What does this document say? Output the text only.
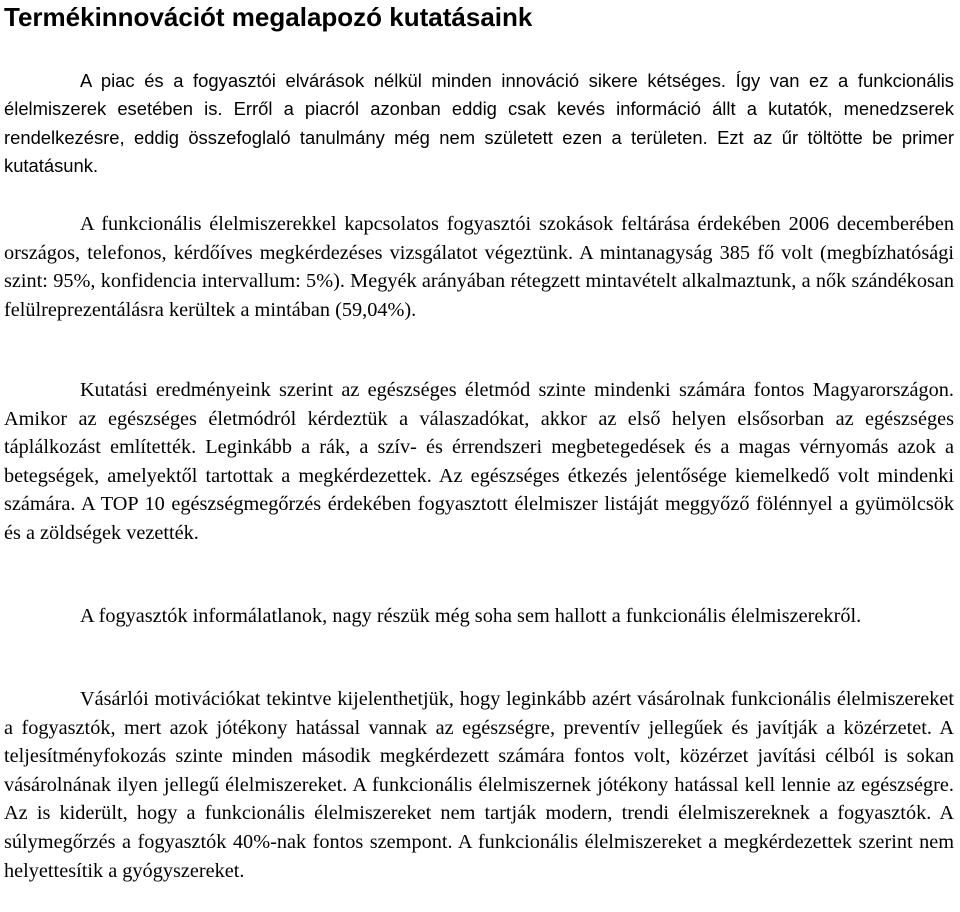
Termékinnovációt megalapozó kutatásaink

A piac és a fogyasztói elvárások nélkül minden innováció sikere kétséges. Így van ez a funkcionális élelmiszerek esetében is. Erről a piacról azonban eddig csak kevés információ állt a kutatók, menedzserek rendelkezésre, eddig összefoglaló tanulmány még nem született ezen a területen. Ezt az űr töltötte be primer kutatásunk.

A funkcionális élelmiszerekkel kapcsolatos fogyasztói szokások feltárása érdekében 2006 decemberében országos, telefonos, kérdőíves megkérdezéses vizsgálatot végeztünk. A mintanagyság 385 fő volt (megbízhatósági szint: 95%, konfidencia intervallum: 5%). Megyék arányában rétegzett mintavételt alkalmaztunk, a nők szándékosan felülreprezentálásra kerültek a mintában (59,04%).

Kutatási eredményeink szerint az egészséges életmód szinte mindenki számára fontos Magyarországon. Amikor az egészséges életmódról kérdeztük a válaszadókat, akkor az első helyen elsősorban az egészséges táplálkozást említették. Leginkább a rák, a szív- és érrendszeri megbetegedések és a magas vérnyomás azok a betegségek, amelyektől tartottak a megkérdezettek. Az egészséges étkezés jelentősége kiemelkedő volt mindenki számára. A TOP 10 egészségmegőrzés érdekében fogyasztott élelmiszer listáját meggyőző fölénnyel a gyümölcsök és a zöldségek vezették.

A fogyasztók informálatlanok, nagy részük még soha sem hallott a funkcionális élelmiszerekről.

Vásárlói motivációkat tekintve kijelenthetjük, hogy leginkább azért vásárolnak funkcionális élelmiszereket a fogyasztók, mert azok jótékony hatással vannak az egészségre, preventív jellegűek és javítják a közérzetet. A teljesítményfokozás szinte minden második megkérdezett számára fontos volt, közérzet javítási célból is sokan vásárolnának ilyen jellegű élelmiszereket. A funkcionális élelmiszernek jótékony hatással kell lennie az egészségre. Az is kiderült, hogy a funkcionális élelmiszereket nem tartják modern, trendi élelmiszereknek a fogyasztók. A súlymegőrzés a fogyasztók 40%-nak fontos szempont. A funkcionális élelmiszereket a megkérdezettek szerint nem helyettesítik a gyógyszereket.
